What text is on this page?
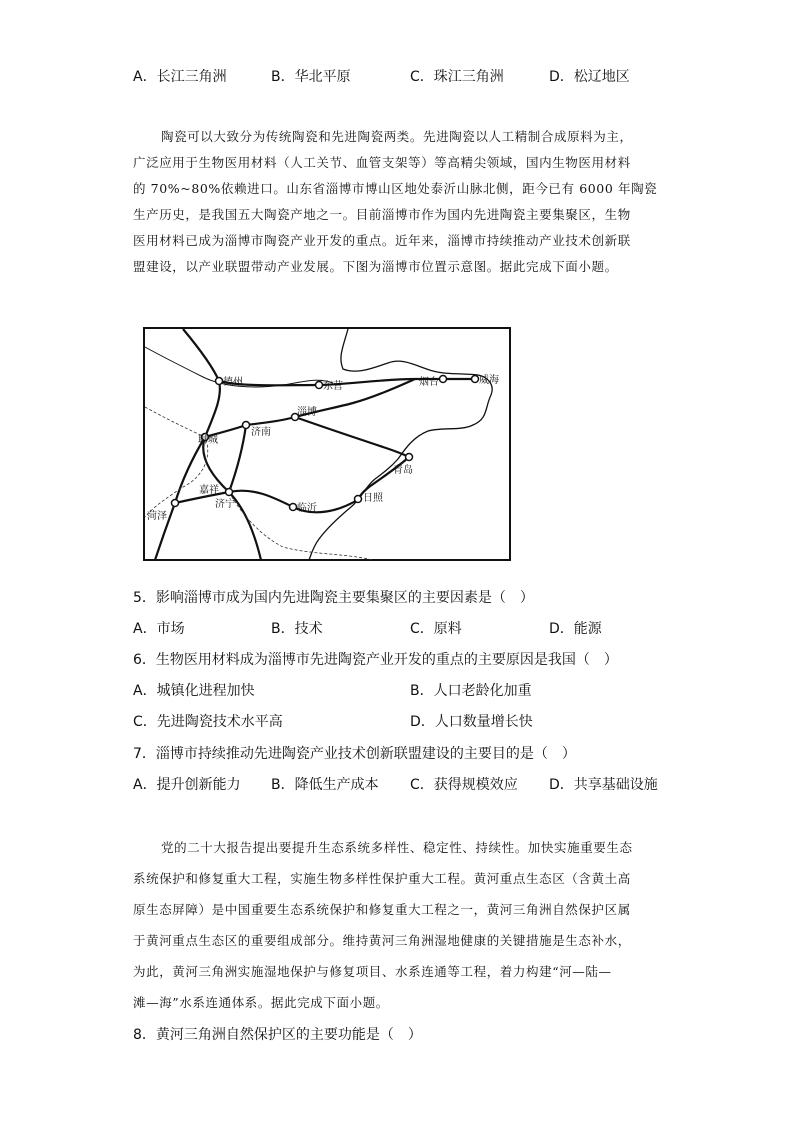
A．长江三角洲	B．华北平原	C．珠江三角洲	D．松辽地区
陶瓷可以大致分为传统陶瓷和先进陶瓷两类。先进陶瓷以人工精制合成原料为主，
广泛应用于生物医用材料（人工关节、血管支架等）等高精尖领域，国内生物医用材料
的 70%~80%依赖进口。山东省淄博市博山区地处泰沂山脉北侧，距今已有 6000 年陶瓷
生产历史，是我国五大陶瓷产地之一。目前淄博市作为国内先进陶瓷主要集聚区，生物
医用材料已成为淄博市陶瓷产业开发的重点。近年来，淄博市持续推动产业技术创新联
盟建设，以产业联盟带动产业发展。下图为淄博市位置示意图。据此完成下面小题。
德州	东营	烟台	威海
淄博
济南
聊城
青岛
嘉祥
济宁
日照
临沂
菏泽
5．影响淄博市成为国内先进陶瓷主要集聚区的主要因素是（　）
A．市场	B．技术	C．原料	D．能源
6．生物医用材料成为淄博市先进陶瓷产业开发的重点的主要原因是我国（　）
A．城镇化进程加快	B．人口老龄化加重
C．先进陶瓷技术水平高	D．人口数量增长快
7．淄博市持续推动先进陶瓷产业技术创新联盟建设的主要目的是（　）
A．提升创新能力 B．降低生产成本 C．获得规模效应 D．共享基础设施
党的二十大报告提出要提升生态系统多样性、稳定性、持续性。加快实施重要生态
系统保护和修复重大工程，实施生物多样性保护重大工程。黄河重点生态区（含黄土高
原生态屏障）是中国重要生态系统保护和修复重大工程之一，黄河三角洲自然保护区属
于黄河重点生态区的重要组成部分。维持黄河三角洲湿地健康的关键措施是生态补水，
为此，黄河三角洲实施湿地保护与修复项目、水系连通等工程，着力构建“河—陆—
滩—海”水系连通体系。据此完成下面小题。
8．黄河三角洲自然保护区的主要功能是（　）
